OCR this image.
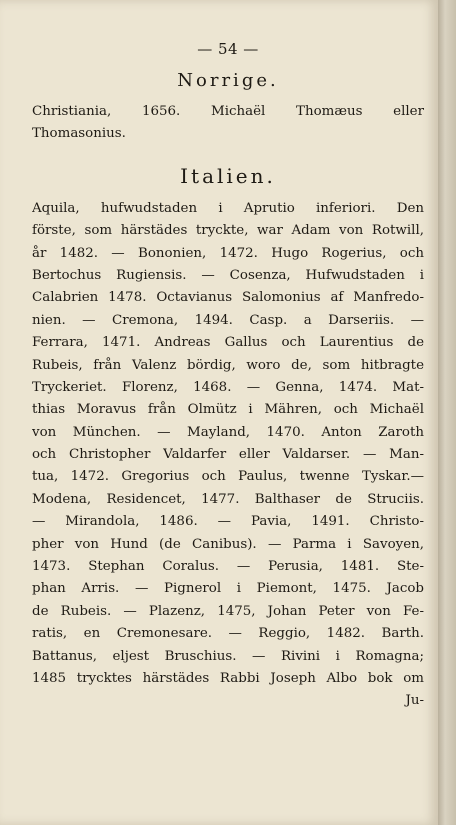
— 54 —
Norrige.
Christiania, 1656. Michaël Thomæus eller
Thomasonius.
Italien.
Aquila, hufwudstaden i Aprutio inferiori. Den
förste, som härstädes tryckte, war Adam von Rotwill,
år 1482. — Bononien, 1472. Hugo Rogerius, och
Bertochus Rugiensis. — Cosenza, Hufwudstaden i
Calabrien 1478. Octavianus Salomonius af Manfredo-
nien. — Cremona, 1494. Casp. a Darseriis. —
Ferrara, 1471. Andreas Gallus och Laurentius de
Rubeis, från Valenz bördig, woro de, som hitbragte
Tryckeriet. Florenz, 1468. — Genna, 1474. Mat-
thias Moravus från Olmütz i Mähren, och Michaël
von München. — Mayland, 1470. Anton Zaroth
och Christopher Valdarfer eller Valdarser. — Man-
tua, 1472. Gregorius och Paulus, twenne Tyskar.—
Modena, Residencet, 1477. Balthaser de Struciis.
— Mirandola, 1486. — Pavia, 1491. Christo-
pher von Hund (de Canibus). — Parma i Savoyen,
1473. Stephan Coralus. — Perusia, 1481. Ste-
phan Arris. — Pignerol i Piemont, 1475. Jacob
de Rubeis. — Plazenz, 1475, Johan Peter von Fe-
ratis, en Cremonesare. — Reggio, 1482. Barth.
Battanus, eljest Bruschius. — Rivini i Romagna;
1485 trycktes härstädes Rabbi Joseph Albo bok om
Ju-
